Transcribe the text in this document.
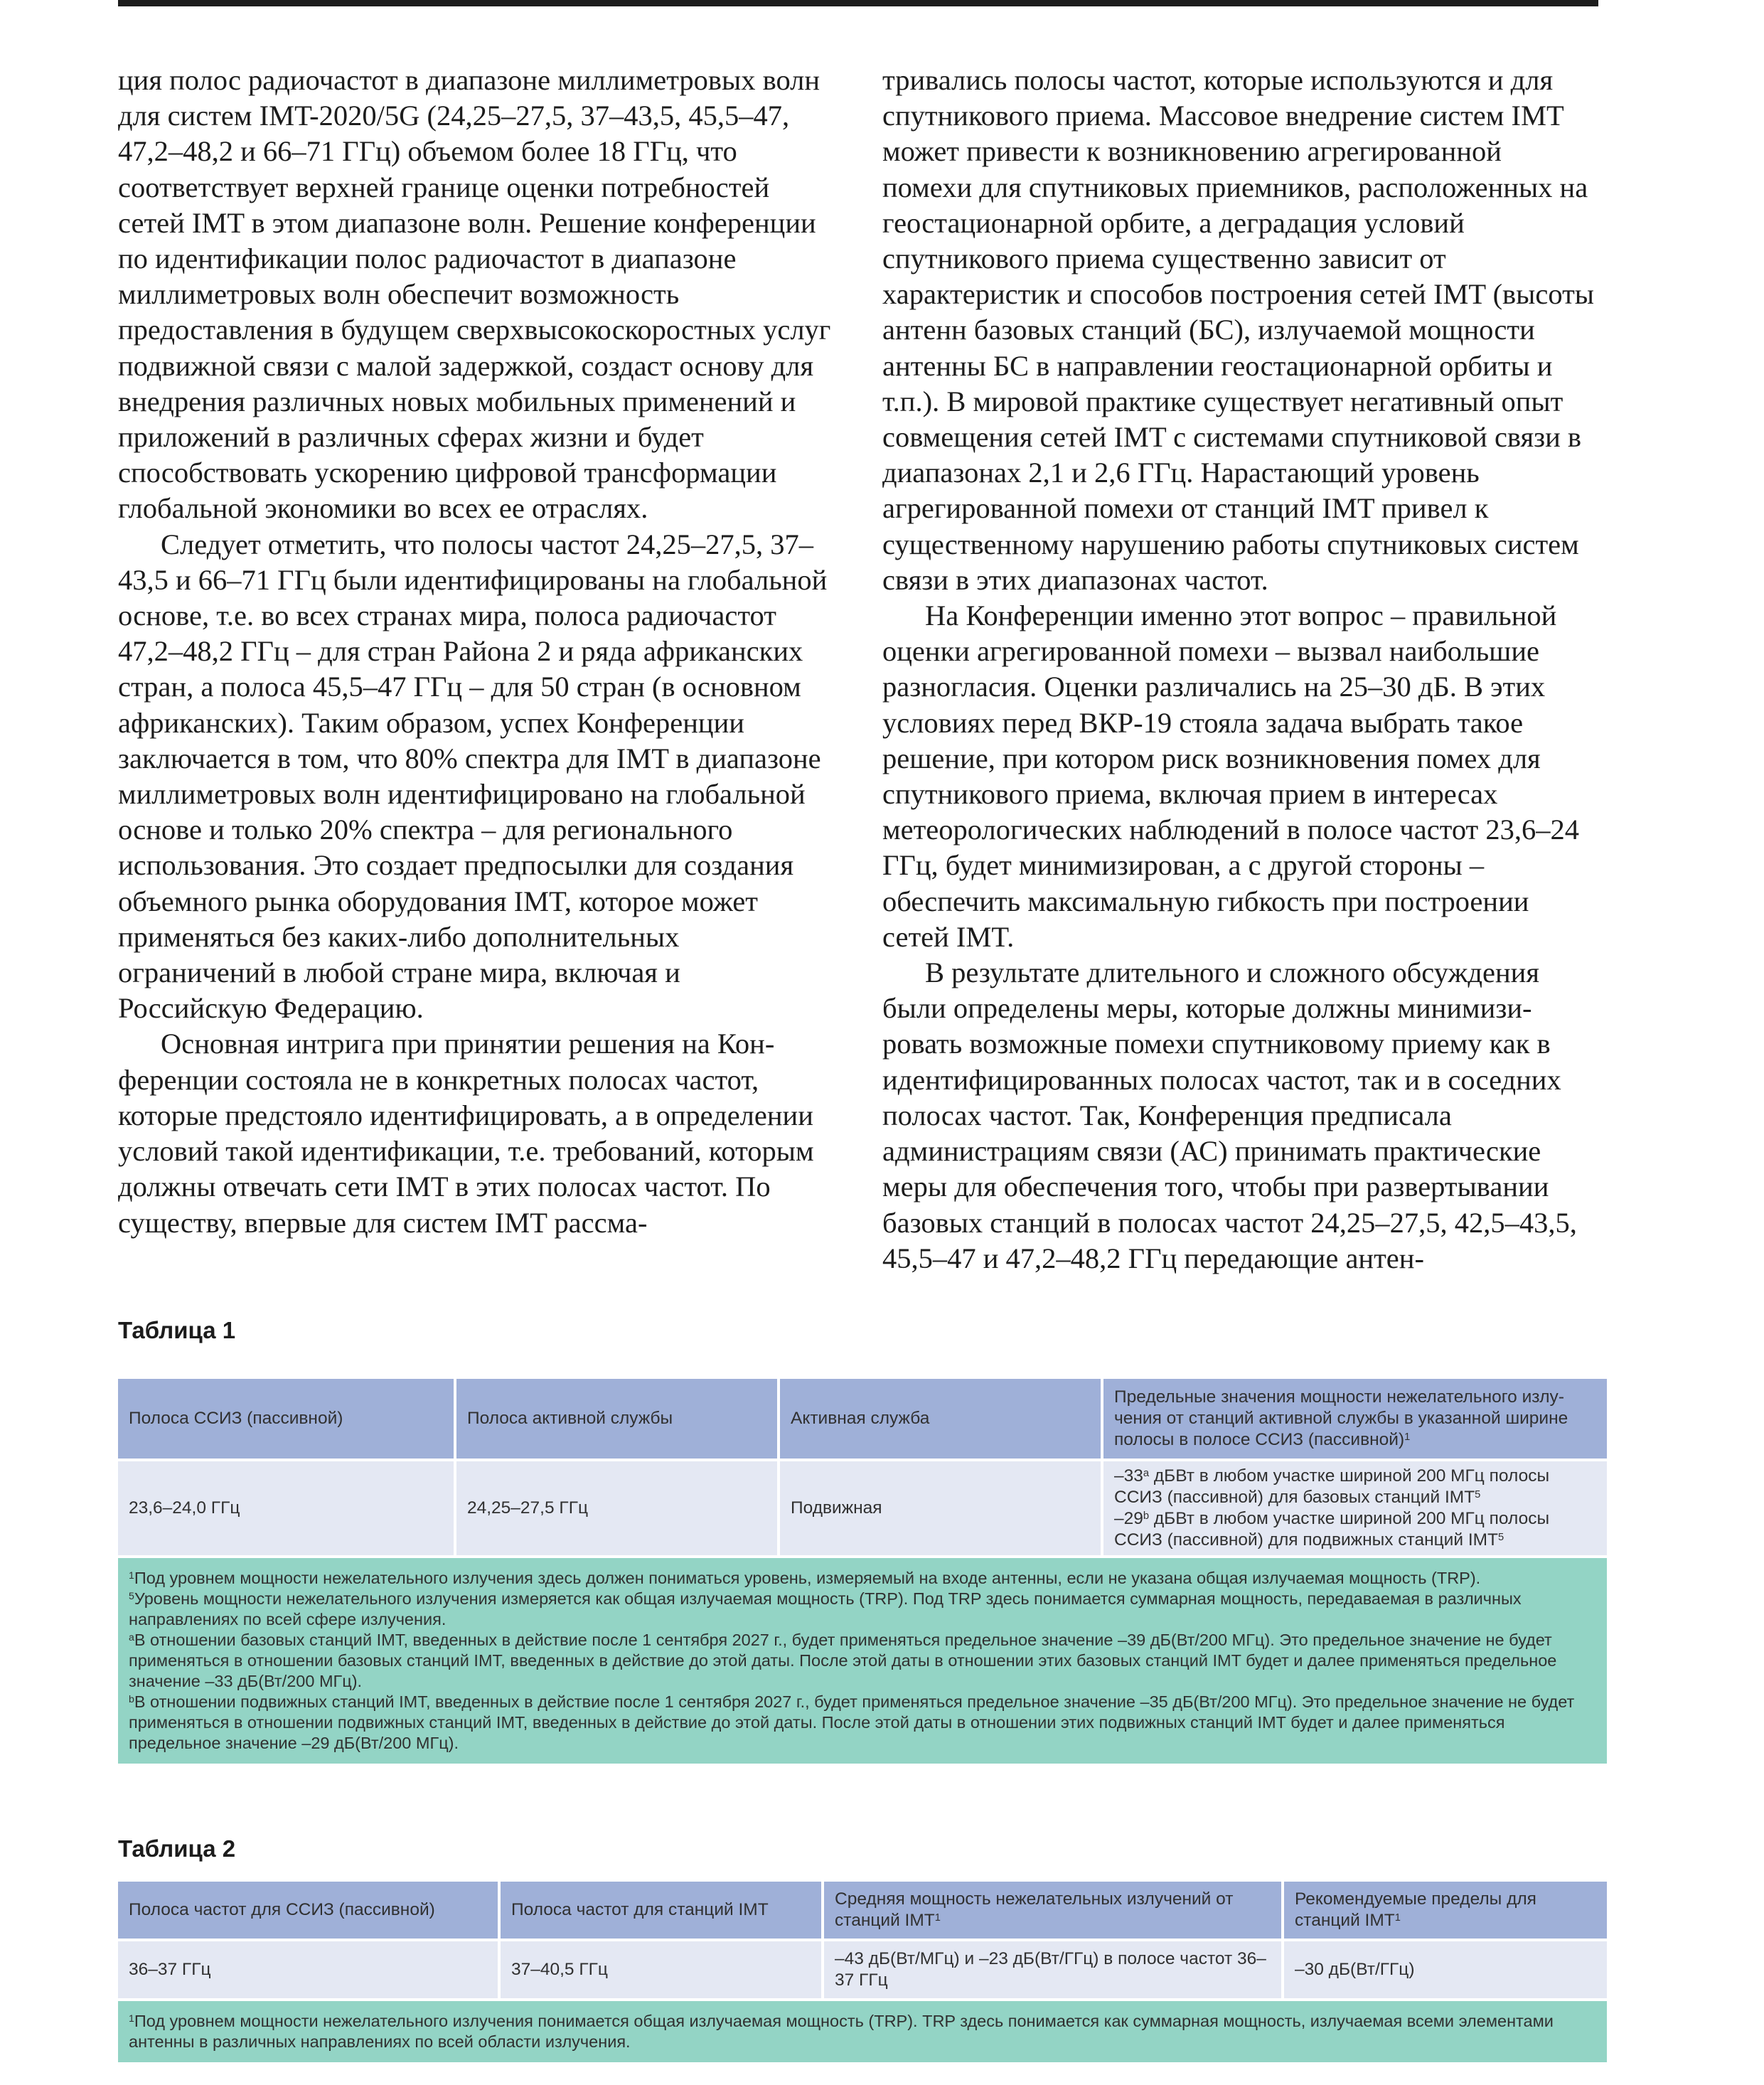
ция полос радиочастот в диапазоне миллиметровых волн для систем IMT-2020/5G (24,25–27,5, 37–43,5, 45,5–47, 47,2–48,2 и 66–71 ГГц) объемом более 18 ГГц, что соответствует верхней границе оценки потребностей сетей IMT в этом диапазоне волн. Решение конференции по идентификации полос радиочастот в диапазоне миллиметровых волн обеспечит возможность предоставления в будущем сверхвысокоскоростных услуг подвижной связи с малой задержкой, создаст основу для внедрения различных новых мобильных применений и приложений в различных сферах жизни и будет способствовать ускорению цифровой трансформации глобальной экономики во всех ее отраслях.

Следует отметить, что полосы частот 24,25–27,5, 37–43,5 и 66–71 ГГц были идентифицированы на глобальной основе, т.е. во всех странах мира, полоса радиочастот 47,2–48,2 ГГц – для стран Района 2 и ряда африканских стран, а полоса 45,5–47 ГГц – для 50 стран (в основном африканских). Таким образом, успех Конференции заключается в том, что 80% спектра для IMT в диапазоне миллиметровых волн идентифицировано на глобальной основе и только 20% спектра – для регионального использования. Это создает предпосылки для создания объемного рынка оборудования IMT, которое может применяться без каких-либо дополнительных ограничений в любой стране мира, включая и Российскую Федерацию.

Основная интрига при принятии решения на Конференции состояла не в конкретных полосах частот, которые предстояло идентифицировать, а в определении условий такой идентификации, т.е. требований, которым должны отвечать сети IMT в этих полосах частот. По существу, впервые для систем IMT рассма-

тривались полосы частот, которые используются и для спутникового приема. Массовое внедрение систем IMT может привести к возникновению агрегированной помехи для спутниковых приемников, расположенных на геостационарной орбите, а деградация условий спутникового приема существенно зависит от характеристик и способов построения сетей IMT (высоты антенн базовых станций (БС), излучаемой мощности антенны БС в направлении геостационарной орбиты и т.п.). В мировой практике существует негативный опыт совмещения сетей IMT с системами спутниковой связи в диапазонах 2,1 и 2,6 ГГц. Нарастающий уровень агрегированной помехи от станций IMT привел к существенному нарушению работы спутниковых систем связи в этих диапазонах частот.

На Конференции именно этот вопрос – правильной оценки агрегированной помехи – вызвал наибольшие разногласия. Оценки различались на 25–30 дБ. В этих условиях перед ВКР-19 стояла задача выбрать такое решение, при котором риск возникновения помех для спутникового приема, включая прием в интересах метеорологических наблюдений в полосе частот 23,6–24 ГГц, будет минимизирован, а с другой стороны – обеспечить максимальную гибкость при построении сетей IMT.

В результате длительного и сложного обсуждения были определены меры, которые должны минимизировать возможные помехи спутниковому приему как в идентифицированных полосах частот, так и в соседних полосах частот. Так, Конференция предписала администрациям связи (АС) принимать практические меры для обеспечения того, чтобы при развертывании базовых станций в полосах частот 24,25–27,5, 42,5–43,5, 45,5–47 и 47,2–48,2 ГГц передающие антен-

Таблица 1
Полоса ССИЗ (пассивной)	Полоса активной службы	Активная служба	Предельные значения мощности нежелательного излучения от станций активной службы в указанной ширине полосы в полосе ССИЗ (пассивной)$^1$
23,6–24,0 ГГц	24,25–27,5 ГГц	Подвижная	–33$^a$ дБВт в любом участке шириной 200 МГц полосы ССИЗ (пассивной) для базовых станций IMT$^5$
–29$^b$ дБВт в любом участке шириной 200 МГц полосы ССИЗ (пассивной) для подвижных станций IMT$^5$

$^1$Под уровнем мощности нежелательного излучения здесь должен пониматься уровень, измеряемый на входе антенны, если не указана общая излучаемая мощность (TRP).
$^5$Уровень мощности нежелательного излучения измеряется как общая излучаемая мощность (TRP). Под TRP здесь понимается суммарная мощность, передаваемая в различных направлениях по всей сфере излучения.
$^a$В отношении базовых станций IMT, введенных в действие после 1 сентября 2027 г., будет применяться предельное значение –39 дБ(Вт/200 МГц). Это предельное значение не будет применяться в отношении базовых станций IMT, введенных в действие до этой даты. После этой даты в отношении этих базовых станций IMT будет и далее применяться предельное значение –33 дБ(Вт/200 МГц).
$^b$В отношении подвижных станций IMT, введенных в действие после 1 сентября 2027 г., будет применяться предельное значение –35 дБ(Вт/200 МГц). Это предельное значение не будет применяться в отношении подвижных станций IMT, введенных в действие до этой даты. После этой даты в отношении этих подвижных станций IMT будет и далее применяться предельное значение –29 дБ(Вт/200 МГц).			
Таблица 2
Полоса частот для ССИЗ (пассивной)	Полоса частот для станций IMT	Средняя мощность нежелательных излучений от станций IMT$^1$	Рекомендуемые пределы для станций IMT$^1$
36–37 ГГц	37–40,5 ГГц	–43 дБ(Вт/МГц) и –23 дБ(Вт/ГГц) в полосе частот 36–37 ГГц	–30 дБ(Вт/ГГц)

$^1$Под уровнем мощности нежелательного излучения понимается общая излучаемая мощность (TRP). TRP здесь понимается как суммарная мощность, излучаемая всеми элементами антенны в различных направлениях по всей области излучения.			
